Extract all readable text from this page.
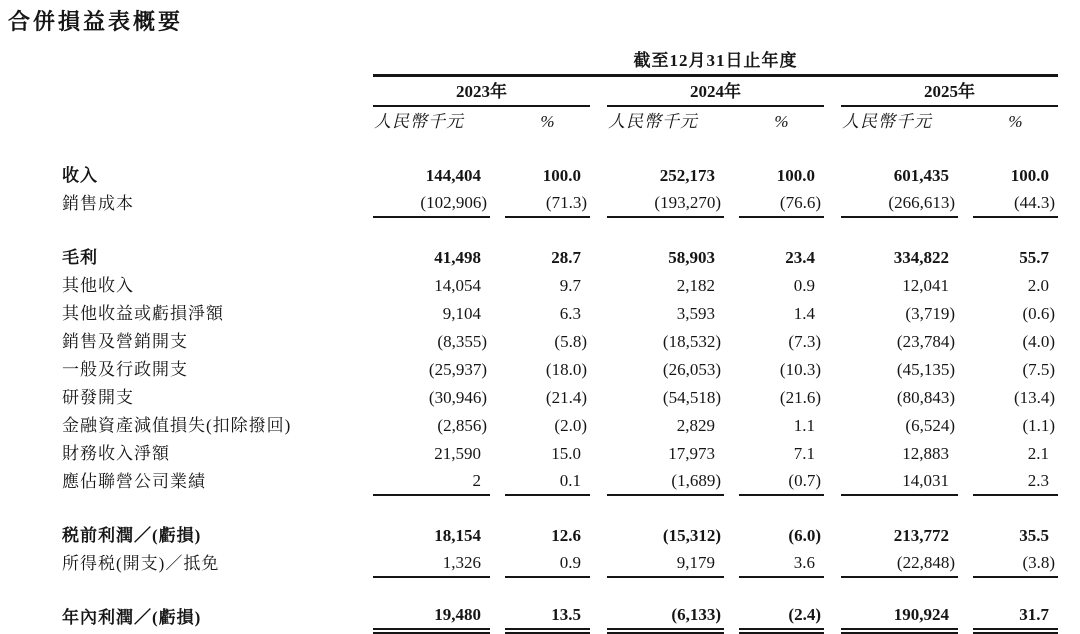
合併損益表概要
	截至12月31日止年度										
	2023年				2024年				2025年		
	人民幣千元		%		人民幣千元		%		人民幣千元		%

收入	144,404		100.0		252,173		100.0		601,435		100.0
銷售成本	(102,906)		(71.3)		(193,270)		(76.6)		(266,613)		(44.3)

毛利	41,498		28.7		58,903		23.4		334,822		55.7
其他收入	14,054		9.7		2,182		0.9		12,041		2.0
其他收益或虧損淨額	9,104		6.3		3,593		1.4		(3,719)		(0.6)
銷售及營銷開支	(8,355)		(5.8)		(18,532)		(7.3)		(23,784)		(4.0)
一般及行政開支	(25,937)		(18.0)		(26,053)		(10.3)		(45,135)		(7.5)
研發開支	(30,946)		(21.4)		(54,518)		(21.6)		(80,843)		(13.4)
金融資產減值損失(扣除撥回)	(2,856)		(2.0)		2,829		1.1		(6,524)		(1.1)
財務收入淨額	21,590		15.0		17,973		7.1		12,883		2.1
應佔聯營公司業績	2		0.1		(1,689)		(0.7)		14,031		2.3

税前利潤／(虧損)	18,154		12.6		(15,312)		(6.0)		213,772		35.5
所得税(開支)／抵免	1,326		0.9		9,179		3.6		(22,848)		(3.8)

年內利潤／(虧損)	19,480		13.5		(6,133)		(2.4)		190,924		31.7
